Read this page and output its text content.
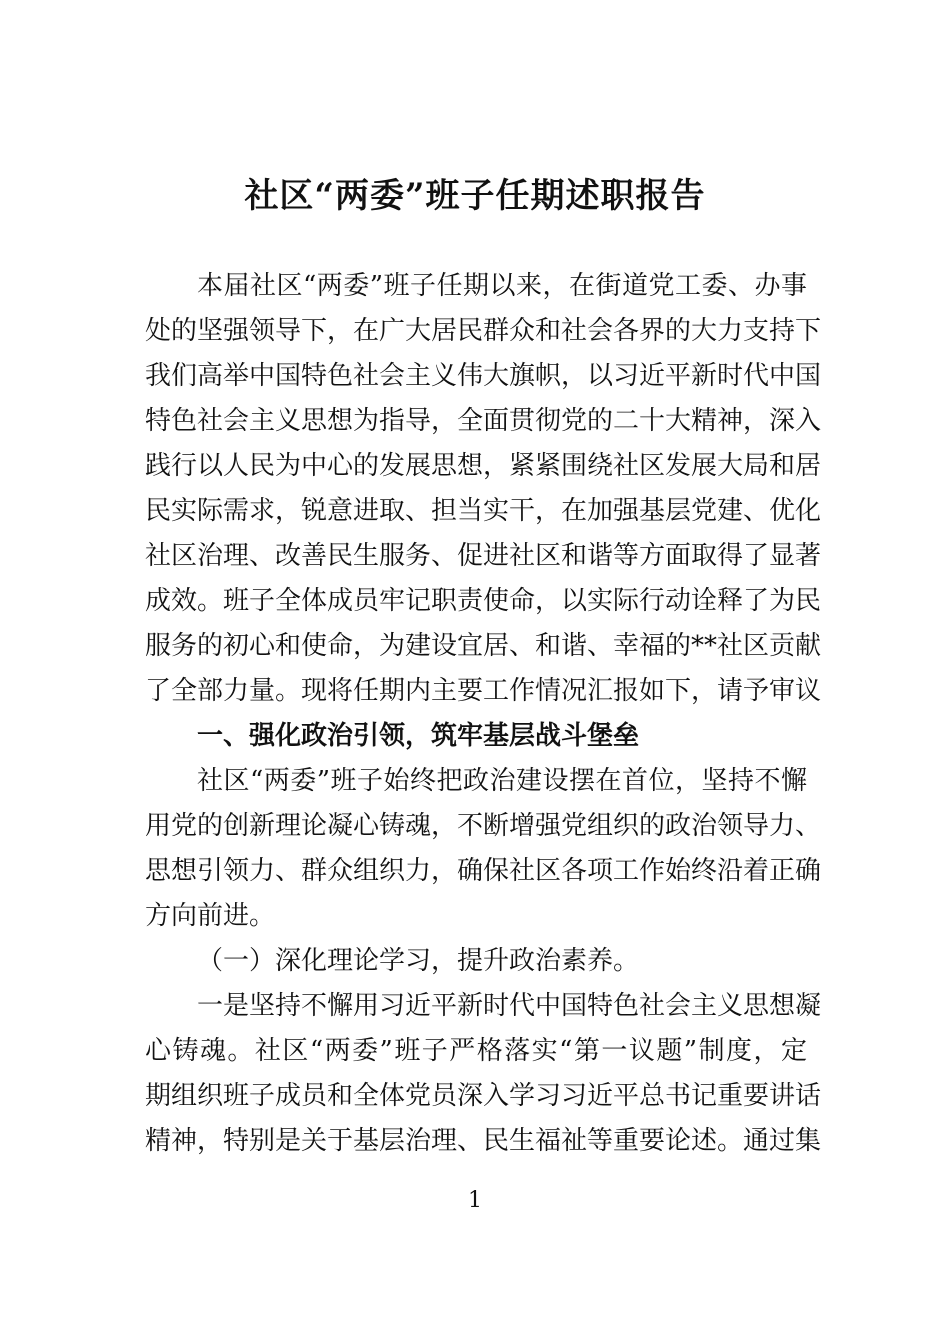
社区“两委”班子任期述职报告
本届社区“两委”班子任期以来，在街道党工委、办事
处的坚强领导下，在广大居民群众和社会各界的大力支持下
我们高举中国特色社会主义伟大旗帜，以习近平新时代中国
特色社会主义思想为指导，全面贯彻党的二十大精神，深入
践行以人民为中心的发展思想，紧紧围绕社区发展大局和居
民实际需求，锐意进取、担当实干，在加强基层党建、优化
社区治理、改善民生服务、促进社区和谐等方面取得了显著
成效。班子全体成员牢记职责使命，以实际行动诠释了为民
服务的初心和使命，为建设宜居、和谐、幸福的**社区贡献
了全部力量。现将任期内主要工作情况汇报如下，请予审议
一、强化政治引领，筑牢基层战斗堡垒
社区“两委”班子始终把政治建设摆在首位，坚持不懈
用党的创新理论凝心铸魂，不断增强党组织的政治领导力、
思想引领力、群众组织力，确保社区各项工作始终沿着正确
方向前进。
（一）深化理论学习，提升政治素养。
一是坚持不懈用习近平新时代中国特色社会主义思想凝
心铸魂。社区“两委”班子严格落实“第一议题”制度，定
期组织班子成员和全体党员深入学习习近平总书记重要讲话
精神，特别是关于基层治理、民生福祉等重要论述。通过集
1
